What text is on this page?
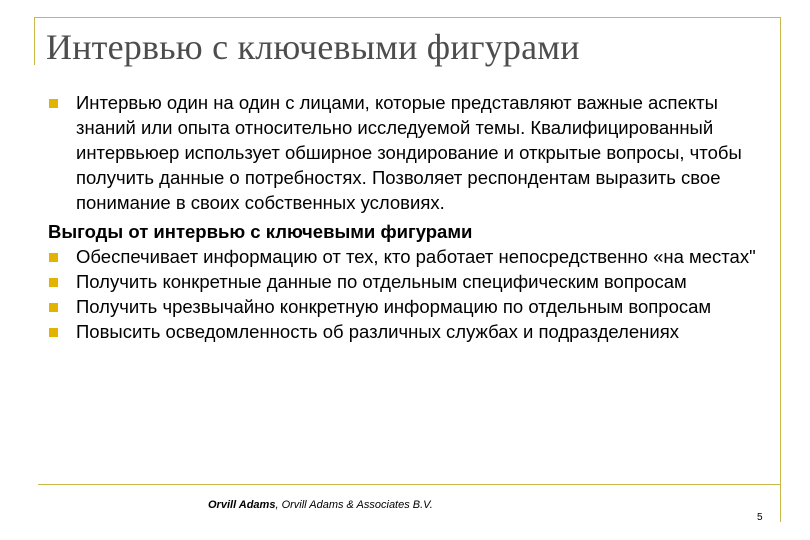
Интервью с ключевыми фигурами

Интервью один на один с лицами, которые представляют важные аспекты знаний или опыта относительно исследуемой темы. Квалифицированный интервьюер использует обширное зондирование и открытые вопросы, чтобы получить данные о потребностях. Позволяет респондентам выразить свое понимание в своих собственных условиях.

Выгоды от интервью с ключевыми фигурами

Обеспечивает информацию от тех, кто работает непосредственно «на местах"

Получить конкретные данные по отдельным специфическим вопросам

Получить чрезвычайно конкретную информацию по отдельным вопросам

Повысить осведомленность об различных службах и подразделениях

Orvill Adams, Orvill Adams & Associates B.V.
5
